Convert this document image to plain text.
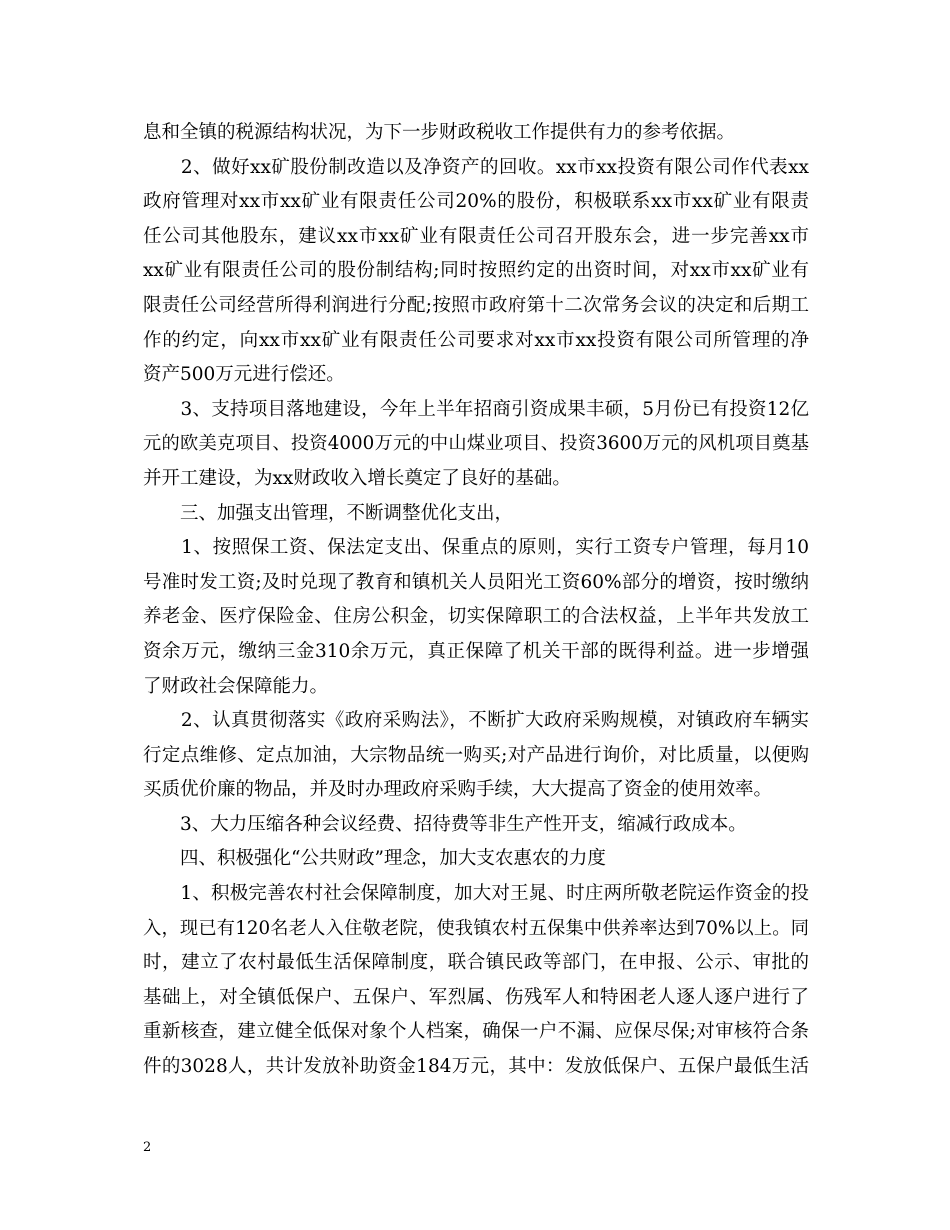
息和全镇的税源结构状况，为下一步财政税收工作提供有力的参考依据。
　　2、做好xx矿股份制改造以及净资产的回收。xx市xx投资有限公司作代表xx
政府管理对xx市xx矿业有限责任公司20%的股份，积极联系xx市xx矿业有限责
任公司其他股东，建议xx市xx矿业有限责任公司召开股东会，进一步完善xx市
xx矿业有限责任公司的股份制结构;同时按照约定的出资时间，对xx市xx矿业有
限责任公司经营所得利润进行分配;按照市政府第十二次常务会议的决定和后期工
作的约定，向xx市xx矿业有限责任公司要求对xx市xx投资有限公司所管理的净
资产500万元进行偿还。
　　3、支持项目落地建设，今年上半年招商引资成果丰硕，5月份已有投资12亿
元的欧美克项目、投资4000万元的中山煤业项目、投资3600万元的风机项目奠基
并开工建设，为xx财政收入增长奠定了良好的基础。
　　三、加强支出管理，不断调整优化支出，
　　1、按照保工资、保法定支出、保重点的原则，实行工资专户管理，每月10
号准时发工资;及时兑现了教育和镇机关人员阳光工资60%部分的增资，按时缴纳
养老金、医疗保险金、住房公积金，切实保障职工的合法权益，上半年共发放工
资余万元，缴纳三金310余万元，真正保障了机关干部的既得利益。进一步增强
了财政社会保障能力。
　　2、认真贯彻落实《政府采购法》，不断扩大政府采购规模，对镇政府车辆实
行定点维修、定点加油，大宗物品统一购买;对产品进行询价，对比质量，以便购
买质优价廉的物品，并及时办理政府采购手续，大大提高了资金的使用效率。
　　3、大力压缩各种会议经费、招待费等非生产性开支，缩减行政成本。
　　四、积极强化“公共财政”理念，加大支农惠农的力度
　　1、积极完善农村社会保障制度，加大对王晁、时庄两所敬老院运作资金的投
入，现已有120名老人入住敬老院，使我镇农村五保集中供养率达到70%以上。同
时，建立了农村最低生活保障制度，联合镇民政等部门，在申报、公示、审批的
基础上，对全镇低保户、五保户、军烈属、伤残军人和特困老人逐人逐户进行了
重新核查，建立健全低保对象个人档案，确保一户不漏、应保尽保;对审核符合条
件的3028人，共计发放补助资金184万元，其中：发放低保户、五保户最低生活
2
